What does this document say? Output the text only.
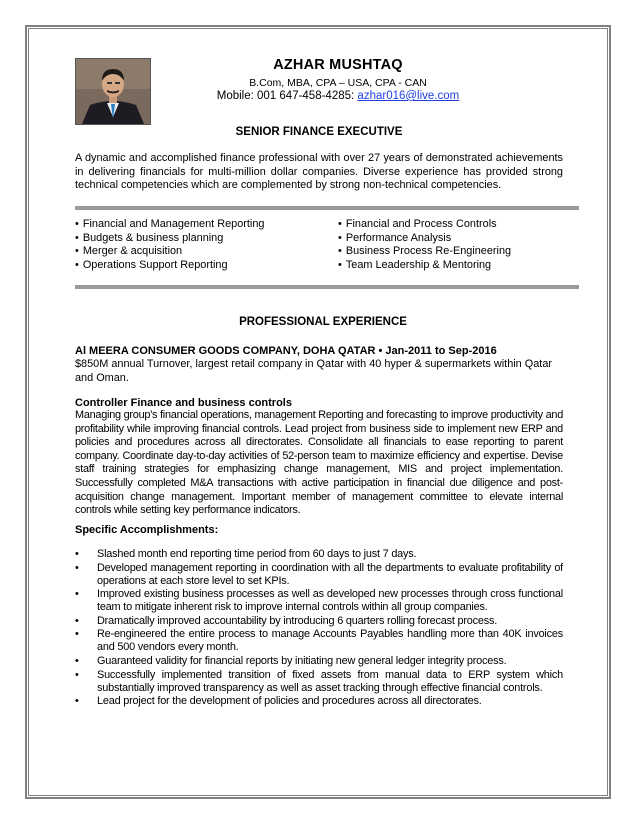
AZHAR MUSHTAQ
B.Com, MBA, CPA – USA, CPA - CAN
Mobile: 001 647-458-4285: azhar016@live.com
SENIOR FINANCE EXECUTIVE
A dynamic and accomplished finance professional with over 27 years of demonstrated achievements in delivering financials for multi-million dollar companies. Diverse experience has provided strong technical competencies which are complemented by strong non-technical competencies.
• Financial and Management Reporting
• Budgets & business planning
• Merger & acquisition
• Operations Support Reporting
• Financial and Process Controls
• Performance Analysis
• Business Process Re-Engineering
• Team Leadership & Mentoring
PROFESSIONAL EXPERIENCE
Al MEERA CONSUMER GOODS COMPANY, DOHA QATAR • Jan-2011 to Sep-2016
$850M annual Turnover, largest retail company in Qatar with 40 hyper & supermarkets within Qatar and Oman.
Controller Finance and business controls
Managing group's financial operations, management Reporting and forecasting to improve productivity and profitability while improving financial controls. Lead project from business side to implement new ERP and policies and procedures across all directorates. Consolidate all financials to ease reporting to parent company. Coordinate day-to-day activities of 52-person team to maximize efficiency and expertise. Devise staff training strategies for emphasizing change management, MIS and project implementation. Successfully completed M&A transactions with active participation in financial due diligence and post-acquisition change management. Important member of management committee to elevate internal controls while setting key performance indicators.
Specific Accomplishments:
• Slashed month end reporting time period from 60 days to just 7 days.
• Developed management reporting in coordination with all the departments to evaluate profitability of operations at each store level to set KPIs.
• Improved existing business processes as well as developed new processes through cross functional team to mitigate inherent risk to improve internal controls within all group companies.
• Dramatically improved accountability by introducing 6 quarters rolling forecast process.
• Re-engineered the entire process to manage Accounts Payables handling more than 40K invoices and 500 vendors every month.
• Guaranteed validity for financial reports by initiating new general ledger integrity process.
• Successfully implemented transition of fixed assets from manual data to ERP system which substantially improved transparency as well as asset tracking through effective financial controls.
• Lead project for the development of policies and procedures across all directorates.
